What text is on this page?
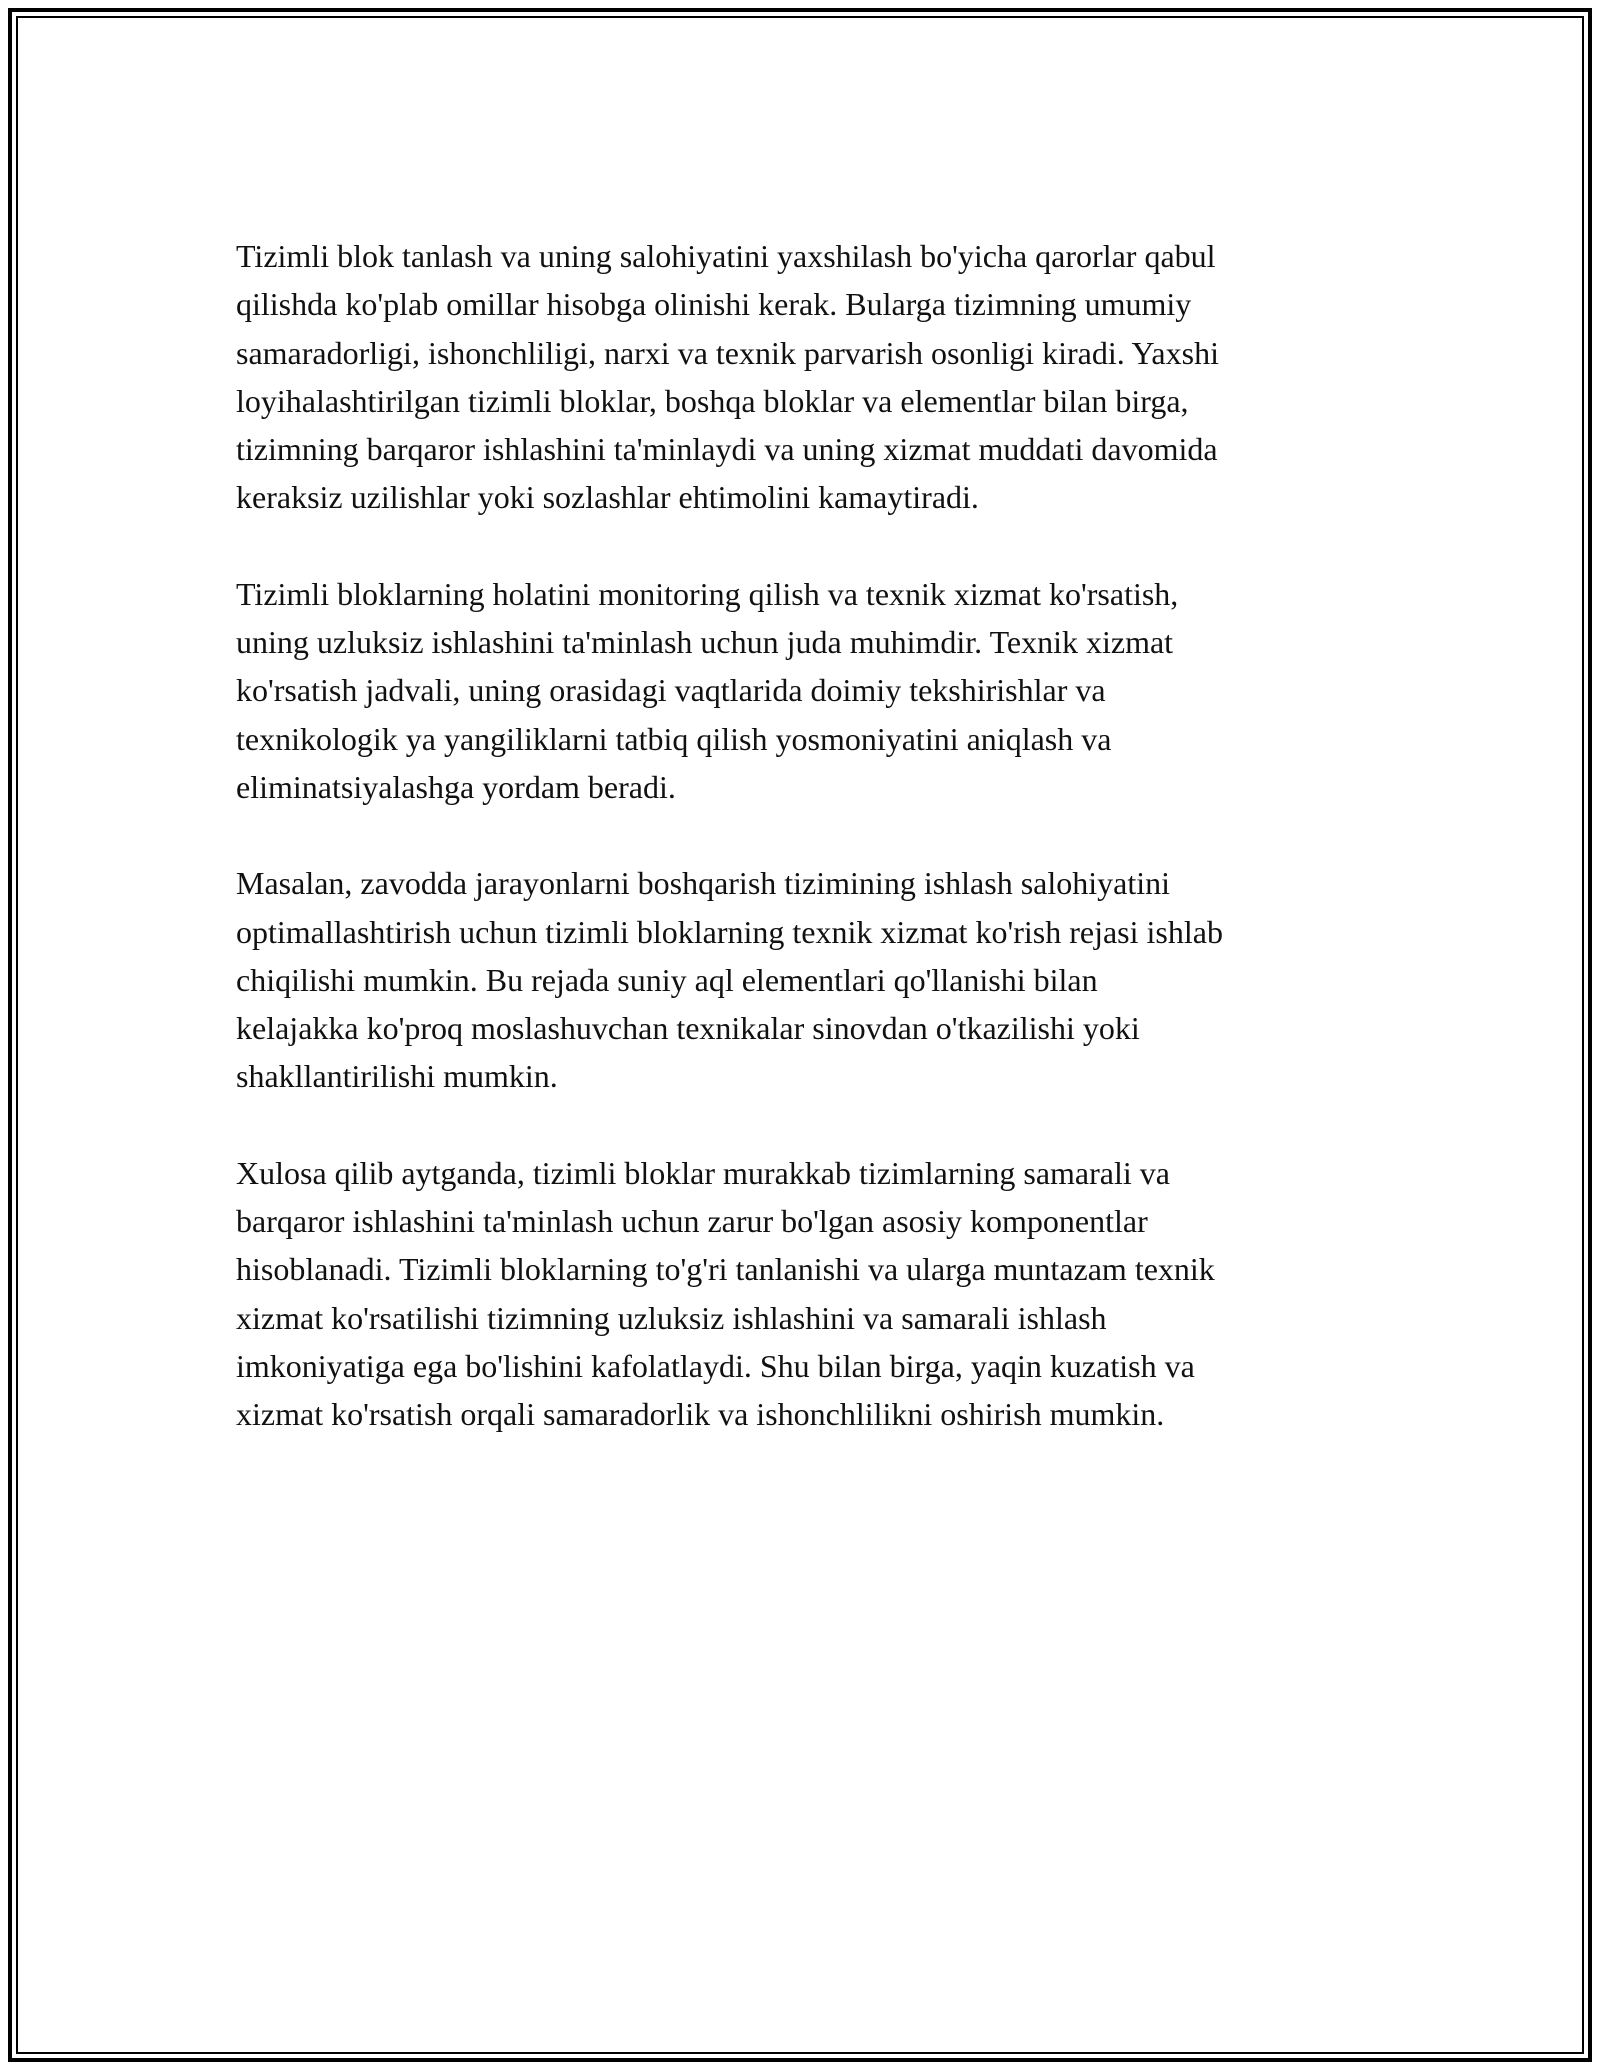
Tizimli blok tanlash va uning salohiyatini yaxshilash bo'yicha qarorlar qabul
qilishda ko'plab omillar hisobga olinishi kerak. Bularga tizimning umumiy
samaradorligi, ishonchliligi, narxi va texnik parvarish osonligi kiradi. Yaxshi
loyihalashtirilgan tizimli bloklar, boshqa bloklar va elementlar bilan birga,
tizimning barqaror ishlashini ta'minlaydi va uning xizmat muddati davomida
keraksiz uzilishlar yoki sozlashlar ehtimolini kamaytiradi.

Tizimli bloklarning holatini monitoring qilish va texnik xizmat ko'rsatish,
uning uzluksiz ishlashini ta'minlash uchun juda muhimdir. Texnik xizmat
ko'rsatish jadvali, uning orasidagi vaqtlarida doimiy tekshirishlar va
texnikologik ya yangiliklarni tatbiq qilish yosmoniyatini aniqlash va
eliminatsiyalashga yordam beradi.

Masalan, zavodda jarayonlarni boshqarish tizimining ishlash salohiyatini
optimallashtirish uchun tizimli bloklarning texnik xizmat ko'rish rejasi ishlab
chiqilishi mumkin. Bu rejada suniy aql elementlari qo'llanishi bilan
kelajakka ko'proq moslashuvchan texnikalar sinovdan o'tkazilishi yoki
shakllantirilishi mumkin.

Xulosa qilib aytganda, tizimli bloklar murakkab tizimlarning samarali va
barqaror ishlashini ta'minlash uchun zarur bo'lgan asosiy komponentlar
hisoblanadi. Tizimli bloklarning to'g'ri tanlanishi va ularga muntazam texnik
xizmat ko'rsatilishi tizimning uzluksiz ishlashini va samarali ishlash
imkoniyatiga ega bo'lishini kafolatlaydi. Shu bilan birga, yaqin kuzatish va
xizmat ko'rsatish orqali samaradorlik va ishonchlilikni oshirish mumkin.
